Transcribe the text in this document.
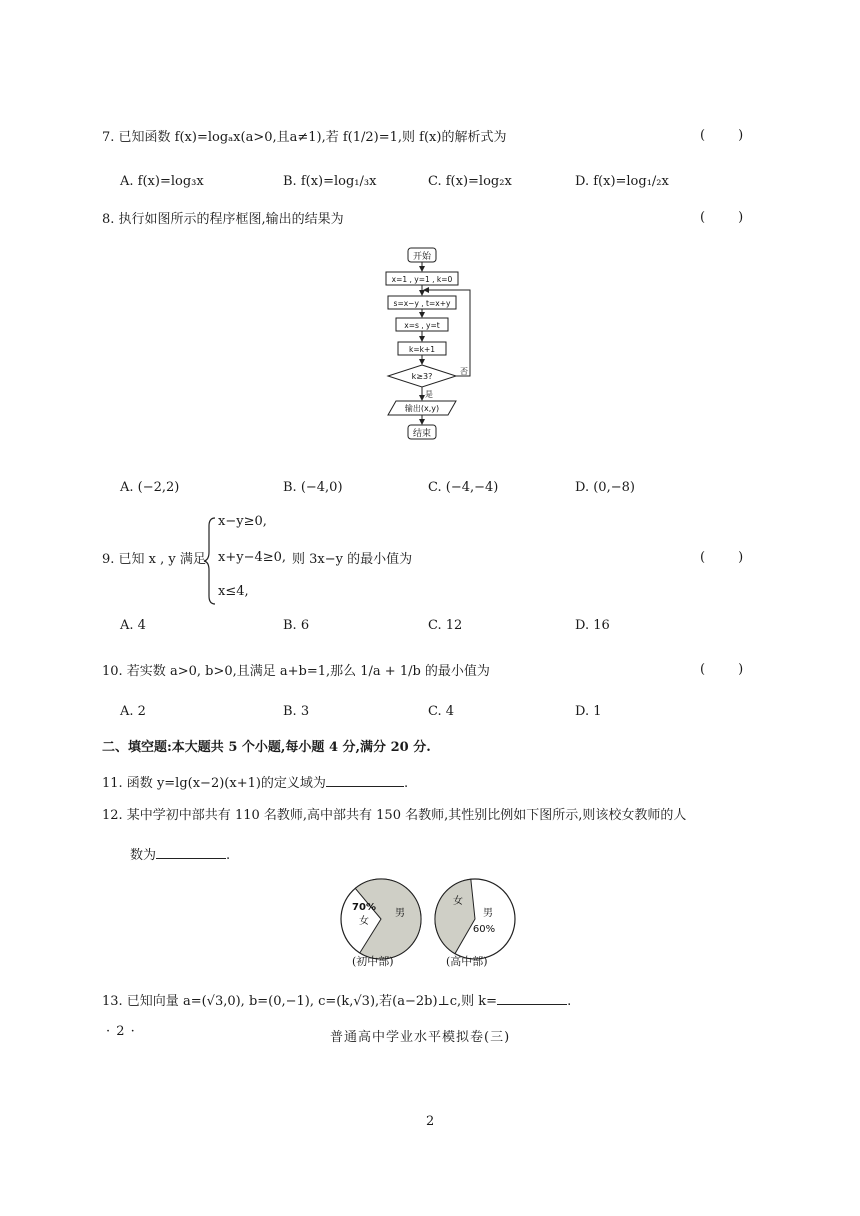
7. 已知函数 f(x)=logₐx(a>0,且a≠1),若 f(1/2)=1,则 f(x)的解析式为	(        )
A. f(x)=log₃x	B. f(x)=log₁/₃x	C. f(x)=log₂x	D. f(x)=log₁/₂x
8. 执行如图所示的程序框图,输出的结果为	(        )
开始
x=1 , y=1 , k=0
s=x−y , t=x+y
x=s , y=t
k=k+1
k≥3?
否
是
输出(x,y)
结束
A. (−2,2)	B. (−4,0)	C. (−4,−4)	D. (0,−8)
9. 已知 x , y 满足
x−y≥0,
x+y−4≥0,
x≤4,
则 3x−y 的最小值为	(        )
A. 4	B. 6	C. 12	D. 16
10. 若实数 a>0, b>0,且满足 a+b=1,那么 1/a + 1/b 的最小值为	(        )
A. 2	B. 3	C. 4	D. 1
二、填空题:本大题共 5 个小题,每小题 4 分,满分 20 分.
11. 函数 y=lg(x−2)(x+1)的定义域为	.
12. 某中学初中部共有 110 名教师,高中部共有 150 名教师,其性别比例如下图所示,则该校女教师的人
数为	.
70%
女
男
(初中部)
女
男
60%
(高中部)
13. 已知向量 a=(√3,0), b=(0,−1), c=(k,√3),若(a−2b)⊥c,则 k=	.
· 2 ·	普通高中学业水平模拟卷(三)
2
